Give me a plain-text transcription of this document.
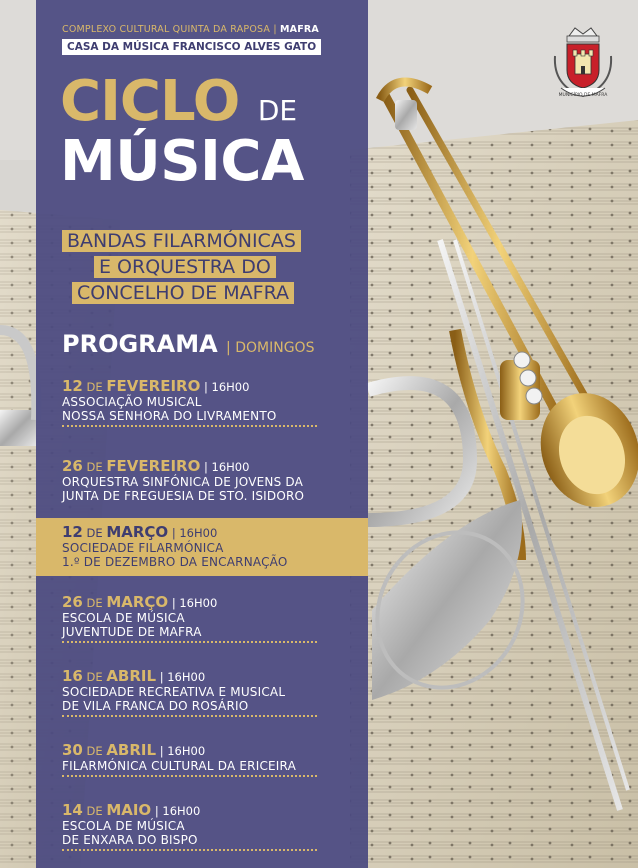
COMPLEXO CULTURAL QUINTA DA RAPOSA | MAFRA
CASA DA MÚSICA FRANCISCO ALVES GATO
CICLO DE
MÚSICA
BANDAS FILARMÓNICAS
E ORQUESTRA DO
CONCELHO DE MAFRA
PROGRAMA | DOMINGOS
12 DE FEVEREIRO | 16H00
ASSOCIAÇÃO MUSICAL
NOSSA SENHORA DO LIVRAMENTO
26 DE FEVEREIRO | 16H00
ORQUESTRA SINFÓNICA DE JOVENS DA
JUNTA DE FREGUESIA DE STO. ISIDORO
12 DE MARÇO | 16H00
SOCIEDADE FILARMÓNICA
1.º DE DEZEMBRO DA ENCARNAÇÃO
26 DE MARÇO | 16H00
ESCOLA DE MÚSICA
JUVENTUDE DE MAFRA
16 DE ABRIL | 16H00
SOCIEDADE RECREATIVA E MUSICAL
DE VILA FRANCA DO ROSÁRIO
30 DE ABRIL | 16H00
FILARMÓNICA CULTURAL DA ERICEIRA
14 DE MAIO | 16H00
ESCOLA DE MÚSICA
DE ENXARA DO BISPO
MUNICÍPIO DE MAFRA
